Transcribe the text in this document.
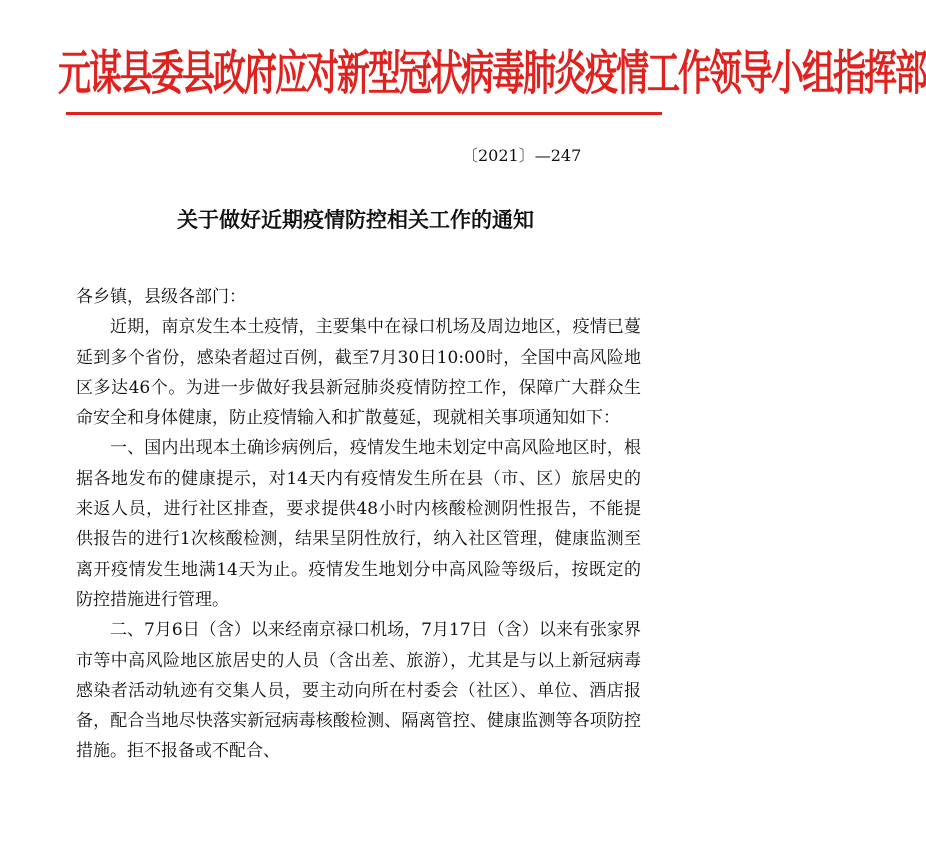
元谋县委县政府应对新型冠状病毒肺炎疫情工作领导小组指挥部
〔2021〕—247
关于做好近期疫情防控相关工作的通知

各乡镇，县级各部门：

近期，南京发生本土疫情，主要集中在禄口机场及周边地区，疫情已蔓延到多个省份，感染者超过百例，截至7月30日10:00时，全国中高风险地区多达46个。为进一步做好我县新冠肺炎疫情防控工作，保障广大群众生命安全和身体健康，防止疫情输入和扩散蔓延，现就相关事项通知如下：

一、国内出现本土确诊病例后，疫情发生地未划定中高风险地区时，根据各地发布的健康提示，对14天内有疫情发生所在县（市、区）旅居史的来返人员，进行社区排查，要求提供48小时内核酸检测阴性报告，不能提供报告的进行1次核酸检测，结果呈阴性放行，纳入社区管理，健康监测至离开疫情发生地满14天为止。疫情发生地划分中高风险等级后，按既定的防控措施进行管理。

二、7月6日（含）以来经南京禄口机场，7月17日（含）以来有张家界市等中高风险地区旅居史的人员（含出差、旅游），尤其是与以上新冠病毒感染者活动轨迹有交集人员，要主动向所在村委会（社区）、单位、酒店报备，配合当地尽快落实新冠病毒核酸检测、隔离管控、健康监测等各项防控措施。拒不报备或不配合、
